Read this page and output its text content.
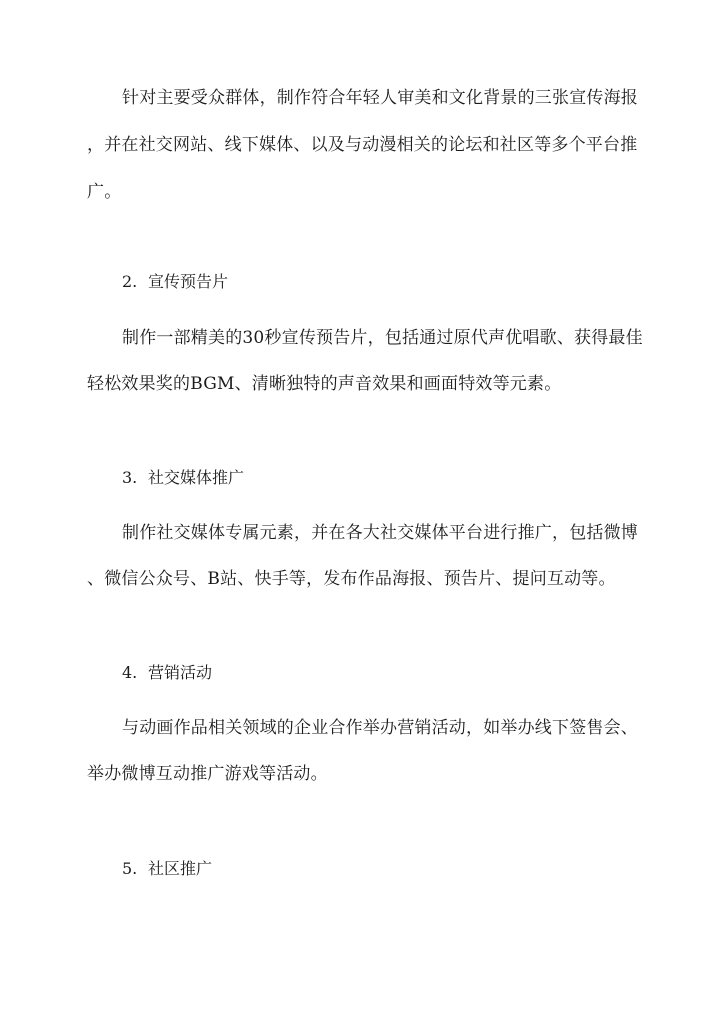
针对主要受众群体，制作符合年轻人审美和文化背景的三张宣传海报
，并在社交网站、线下媒体、以及与动漫相关的论坛和社区等多个平台推
广。
2. 宣传预告片
制作一部精美的30秒宣传预告片，包括通过原代声优唱歌、获得最佳
轻松效果奖的BGM、清晰独特的声音效果和画面特效等元素。
3. 社交媒体推广
制作社交媒体专属元素，并在各大社交媒体平台进行推广，包括微博
、微信公众号、B站、快手等，发布作品海报、预告片、提问互动等。
4. 营销活动
与动画作品相关领域的企业合作举办营销活动，如举办线下签售会、
举办微博互动推广游戏等活动。
5. 社区推广
